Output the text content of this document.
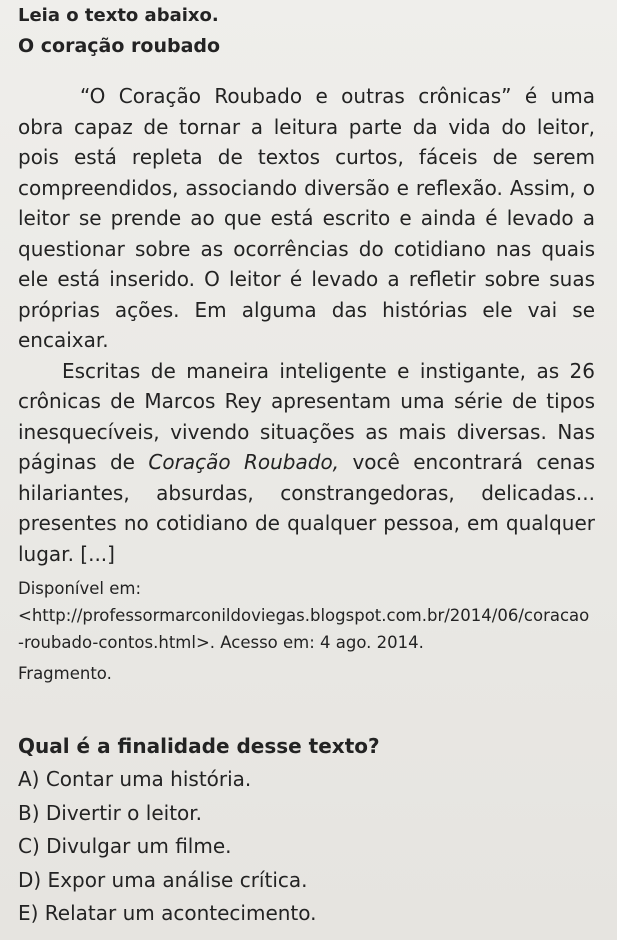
Leia o texto abaixo.

O coração roubado

“O Coração Roubado e outras crônicas” é uma obra capaz de tornar a leitura parte da vida do leitor, pois está repleta de textos curtos, fáceis de serem compreendidos, associando diversão e reflexão. Assim, o leitor se prende ao que está escrito e ainda é levado a questionar sobre as ocorrências do cotidiano nas quais ele está inserido. O leitor é levado a refletir sobre suas próprias ações. Em alguma das histórias ele vai se encaixar.

Escritas de maneira inteligente e instigante, as 26 crônicas de Marcos Rey apresentam uma série de tipos inesquecíveis, vivendo situações as mais diversas. Nas páginas de Coração Roubado, você encontrará cenas hilariantes, absurdas, constrangedoras, delicadas... presentes no cotidiano de qualquer pessoa, em qualquer lugar. [...]

Disponível em:

<http://professormarconildoviegas.blogspot.com.br/2014/06/coracao-roubado-contos.html>. Acesso em: 4 ago. 2014.

Fragmento.

Qual é a finalidade desse texto?

A) Contar uma história.
B) Divertir o leitor.
C) Divulgar um filme.
D) Expor uma análise crítica.
E) Relatar um acontecimento.
